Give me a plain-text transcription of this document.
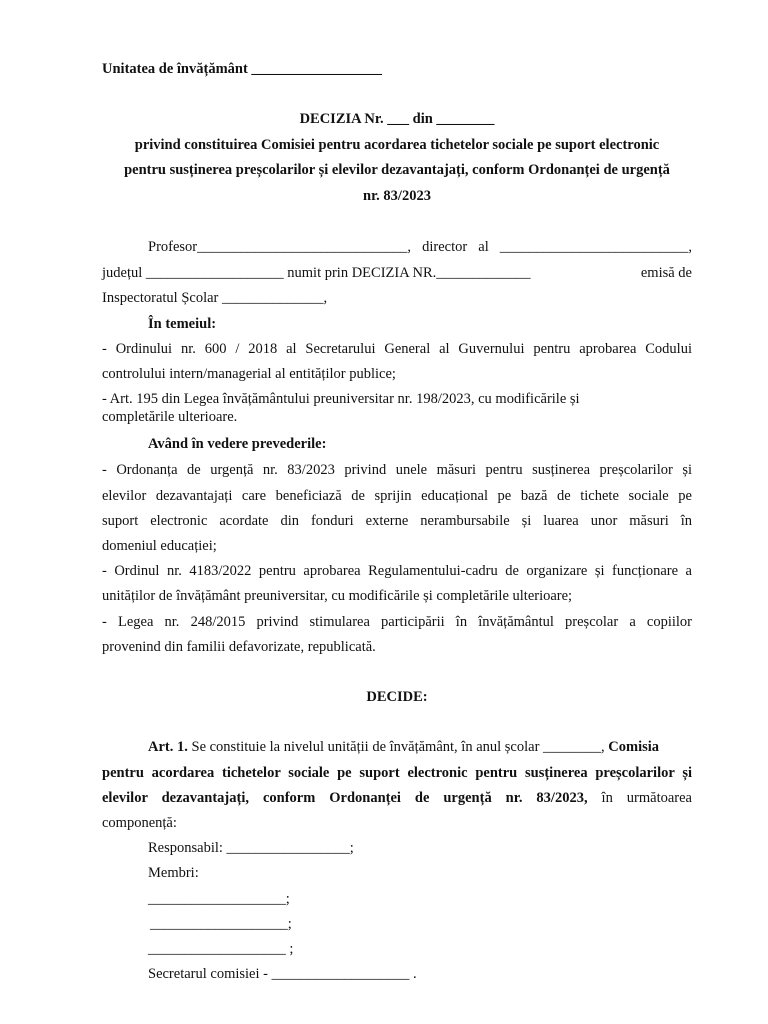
Unitatea de învățământ __________________
DECIZIA Nr. ___ din ________
privind constituirea Comisiei pentru acordarea tichetelor sociale pe suport electronic
pentru susținerea preșcolarilor și elevilor dezavantajați, conform Ordonanței de urgență
nr. 83/2023
Profesor_____________________________, director al __________________________,
județul ___________________ numit prin DECIZIA NR._____________	emisă de
Inspectoratul Școlar ______________,
În temeiul:
- Ordinului nr. 600 / 2018 al Secretarului General al Guvernului pentru aprobarea Codului
controlului intern/managerial al entităților publice;
- Art. 195 din Legea învățământului preuniversitar nr. 198/2023, cu modificările și
completările ulterioare.
Având în vedere prevederile:
- Ordonanța de urgență nr. 83/2023 privind unele măsuri pentru susținerea preșcolarilor și
elevilor dezavantajați care beneficiază de sprijin educațional pe bază de tichete sociale pe
suport electronic acordate din fonduri externe nerambursabile și luarea unor măsuri în
domeniul educației;
- Ordinul nr. 4183/2022 pentru aprobarea Regulamentului-cadru de organizare și funcționare a
unităților de învățământ preuniversitar, cu modificările și completările ulterioare;
- Legea nr. 248/2015 privind stimularea participării în învățământul preșcolar a copiilor
provenind din familii defavorizate, republicată.
DECIDE:
Art. 1. Se constituie la nivelul unității de învățământ, în anul școlar ________, Comisia
pentru acordarea tichetelor sociale pe suport electronic pentru susținerea preșcolarilor și
elevilor dezavantajați, conform Ordonanței de urgență nr. 83/2023, în următoarea
componență:
Responsabil: _________________;
Membri:
___________________;
___________________;
___________________ ;
Secretarul comisiei - ___________________ .
